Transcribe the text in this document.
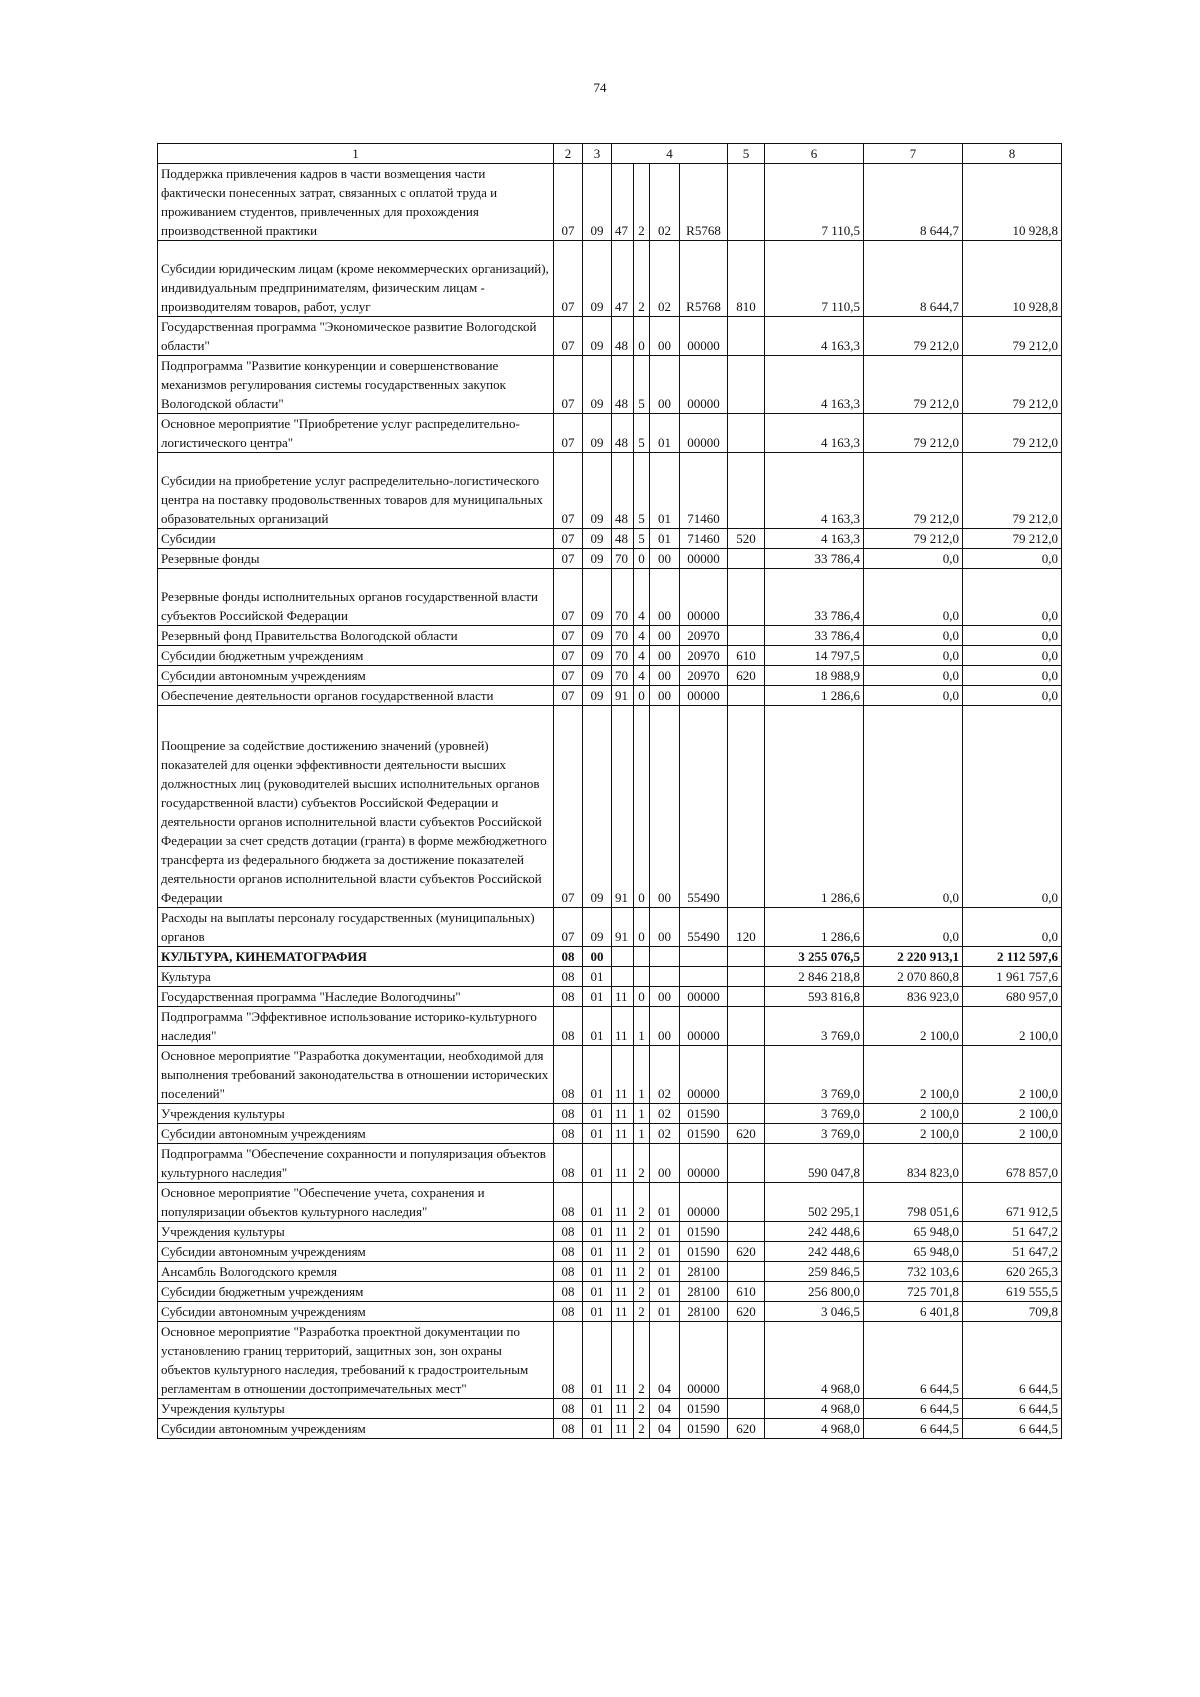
74
1	2	3	4				5	6	7	8
Поддержка привлечения кадров в части возмещения части фактически понесенных затрат, связанных с оплатой труда и проживанием студентов, привлеченных для прохождения производственной практики	07	09	47	2	02	R5768		7 110,5	8 644,7	10 928,8
Субсидии юридическим лицам (кроме некоммерческих организаций), индивидуальным предпринимателям, физическим лицам - производителям товаров, работ, услуг	07	09	47	2	02	R5768	810	7 110,5	8 644,7	10 928,8
Государственная программа "Экономическое развитие Вологодской области"	07	09	48	0	00	00000		4 163,3	79 212,0	79 212,0
Подпрограмма "Развитие конкуренции и совершенствование механизмов регулирования системы государственных закупок Вологодской области"	07	09	48	5	00	00000		4 163,3	79 212,0	79 212,0
Основное мероприятие "Приобретение услуг распределительно-логистического центра"	07	09	48	5	01	00000		4 163,3	79 212,0	79 212,0
Субсидии на приобретение услуг распределительно-логистического центра на поставку продовольственных товаров для муниципальных образовательных организаций	07	09	48	5	01	71460		4 163,3	79 212,0	79 212,0
Субсидии	07	09	48	5	01	71460	520	4 163,3	79 212,0	79 212,0
Резервные фонды	07	09	70	0	00	00000		33 786,4	0,0	0,0
Резервные фонды исполнительных органов государственной власти субъектов Российской Федерации	07	09	70	4	00	00000		33 786,4	0,0	0,0
Резервный фонд Правительства Вологодской области	07	09	70	4	00	20970		33 786,4	0,0	0,0
Субсидии бюджетным учреждениям	07	09	70	4	00	20970	610	14 797,5	0,0	0,0
Субсидии автономным учреждениям	07	09	70	4	00	20970	620	18 988,9	0,0	0,0
Обеспечение деятельности органов государственной власти	07	09	91	0	00	00000		1 286,6	0,0	0,0
Поощрение за содействие достижению значений (уровней) показателей для оценки эффективности деятельности высших должностных лиц (руководителей высших исполнительных органов государственной власти) субъектов Российской Федерации и деятельности органов исполнительной власти субъектов Российской Федерации за счет средств дотации (гранта) в форме межбюджетного трансферта из федерального бюджета за достижение показателей деятельности органов исполнительной власти субъектов Российской Федерации	07	09	91	0	00	55490		1 286,6	0,0	0,0
Расходы на выплаты персоналу государственных (муниципальных) органов	07	09	91	0	00	55490	120	1 286,6	0,0	0,0
КУЛЬТУРА, КИНЕМАТОГРАФИЯ	08	00						3 255 076,5	2 220 913,1	2 112 597,6
Культура	08	01						2 846 218,8	2 070 860,8	1 961 757,6
Государственная программа "Наследие Вологодчины"	08	01	11	0	00	00000		593 816,8	836 923,0	680 957,0
Подпрограмма "Эффективное использование историко-культурного наследия"	08	01	11	1	00	00000		3 769,0	2 100,0	2 100,0
Основное мероприятие "Разработка документации, необходимой для выполнения требований законодательства в отношении исторических поселений"	08	01	11	1	02	00000		3 769,0	2 100,0	2 100,0
Учреждения культуры	08	01	11	1	02	01590		3 769,0	2 100,0	2 100,0
Субсидии автономным учреждениям	08	01	11	1	02	01590	620	3 769,0	2 100,0	2 100,0
Подпрограмма "Обеспечение сохранности и популяризация объектов культурного наследия"	08	01	11	2	00	00000		590 047,8	834 823,0	678 857,0
Основное мероприятие "Обеспечение учета, сохранения и популяризации объектов культурного наследия"	08	01	11	2	01	00000		502 295,1	798 051,6	671 912,5
Учреждения культуры	08	01	11	2	01	01590		242 448,6	65 948,0	51 647,2
Субсидии автономным учреждениям	08	01	11	2	01	01590	620	242 448,6	65 948,0	51 647,2
Ансамбль Вологодского кремля	08	01	11	2	01	28100		259 846,5	732 103,6	620 265,3
Субсидии бюджетным учреждениям	08	01	11	2	01	28100	610	256 800,0	725 701,8	619 555,5
Субсидии автономным учреждениям	08	01	11	2	01	28100	620	3 046,5	6 401,8	709,8
Основное мероприятие "Разработка проектной документации по установлению границ территорий, защитных зон, зон охраны объектов культурного наследия, требований к градостроительным регламентам в отношении достопримечательных мест"	08	01	11	2	04	00000		4 968,0	6 644,5	6 644,5
Учреждения культуры	08	01	11	2	04	01590		4 968,0	6 644,5	6 644,5
Субсидии автономным учреждениям	08	01	11	2	04	01590	620	4 968,0	6 644,5	6 644,5
